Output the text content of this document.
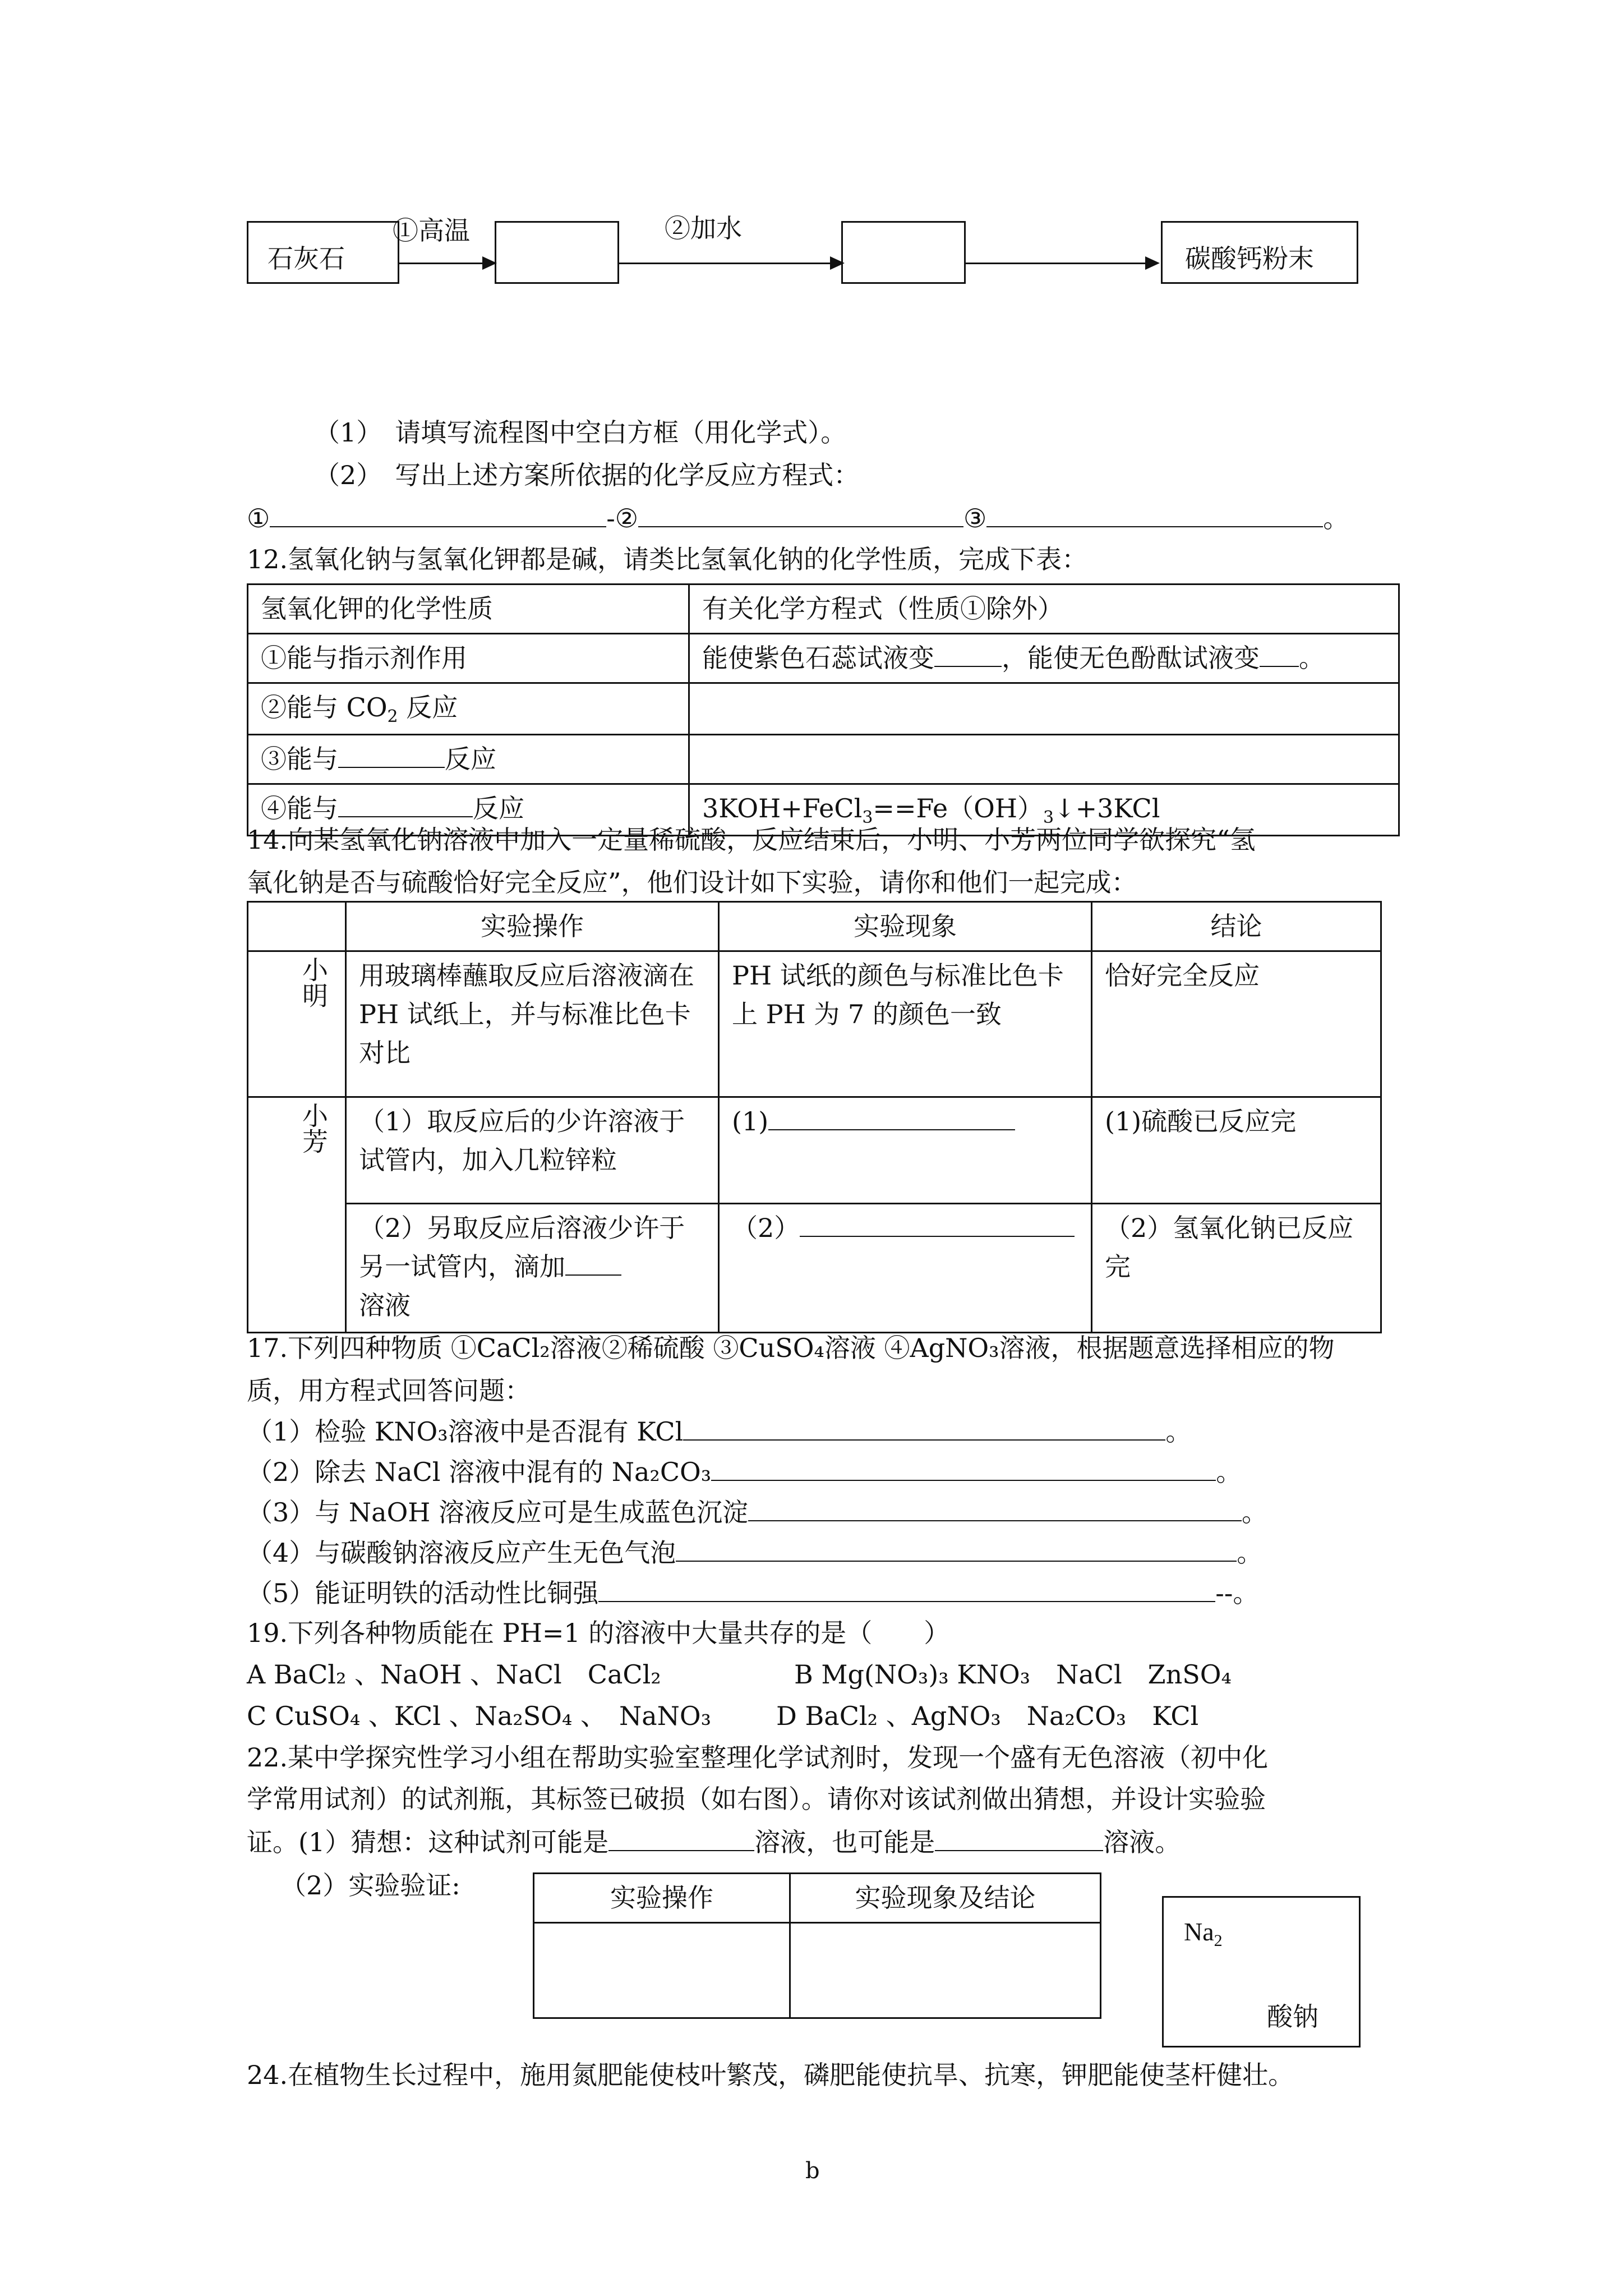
石灰石
①高温	②加水
碳酸钙粉末
（1）　请填写流程图中空白方框（用化学式）。
（2）　写出上述方案所依据的化学反应方程式：
①	-②	③	。
12.氢氧化钠与氢氧化钾都是碱，请类比氢氧化钠的化学性质，完成下表：
氢氧化钾的化学性质	有关化学方程式（性质①除外）
①能与指示剂作用	能使紫色石蕊试液变 ，能使无色酚酞试液变 。
②能与 $CO_2$ 反应	
③能与 反应	
④能与 反应	$3KOH+FeCl_3==Fe(OH)_3↓+3KCl$
14.向某氢氧化钠溶液中加入一定量稀硫酸，反应结束后，小明、小芳两位同学欲探究“氢
氧化钠是否与硫酸恰好完全反应”，他们设计如下实验，请你和他们一起完成：
	实验操作	实验现象	结论
小明	用玻璃棒蘸取反应后溶液滴在 PH 试纸上，并与标准比色卡对比	PH 试纸的颜色与标准比色卡上 PH 为 7 的颜色一致	恰好完全反应
小芳	（1）取反应后的少许溶液于试管内，加入几粒锌粒	(1)	(1)硫酸已反应完
	（2）另取反应后溶液少许于另一试管内，滴加
溶液	（2）	（2）氢氧化钠已反应完
17.下列四种物质 ①CaCl₂溶液②稀硫酸 ③CuSO₄溶液 ④AgNO₃溶液，根据题意选择相应的物
质，用方程式回答问题：
（1）检验 KNO₃溶液中是否混有 KCl	。
（2）除去 NaCl 溶液中混有的 Na₂CO₃	。
（3）与 NaOH 溶液反应可是生成蓝色沉淀	。
（4）与碳酸钠溶液反应产生无色气泡	。
（5）能证明铁的活动性比铜强	--。
19.下列各种物质能在 PH=1 的溶液中大量共存的是（　　）
A BaCl₂ 、NaOH 、NaCl　CaCl₂	B Mg(NO₃)₃ KNO₃　NaCl　ZnSO₄
C CuSO₄ 、KCl 、Na₂SO₄ 、　NaNO₃	D BaCl₂ 、AgNO₃　Na₂CO₃　KCl
22.某中学探究性学习小组在帮助实验室整理化学试剂时，发现一个盛有无色溶液（初中化
学常用试剂）的试剂瓶，其标签已破损（如右图）。请你对该试剂做出猜想，并设计实验验
证。(1）猜想：这种试剂可能是	溶液，也可能是	溶液。
（2）实验验证:	实验操作	实验现象及结论

$Na_2$
酸钠
24.在植物生长过程中，施用氮肥能使枝叶繁茂，磷肥能使抗旱、抗寒，钾肥能使茎杆健壮。
b
